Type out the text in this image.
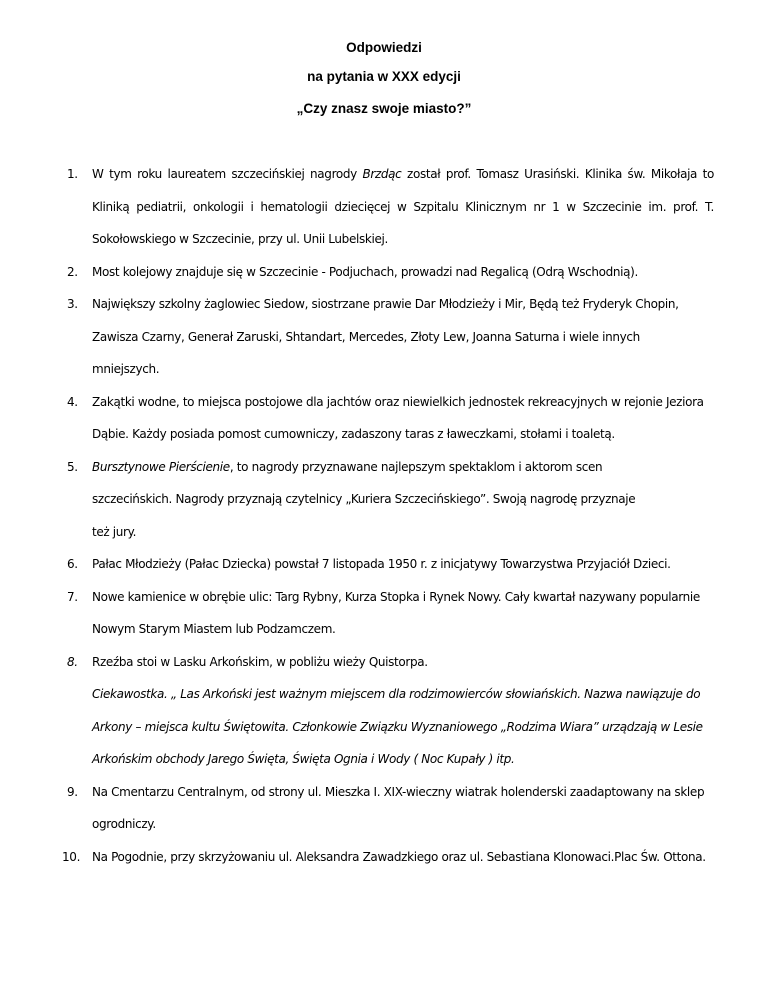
Odpowiedzi
na pytania w XXX edycji
„Czy znasz swoje miasto?”
1. W tym roku laureatem szczecińskiej nagrody Brzdąc został prof. Tomasz Urasiński. Klinika św. Mikołaja to Kliniką pediatrii, onkologii i hematologii dziecięcej w Szpitalu Klinicznym nr 1 w Szczecinie im. prof. T. Sokołowskiego w Szczecinie, przy ul. Unii Lubelskiej.
2. Most kolejowy znajduje się w Szczecinie - Podjuchach, prowadzi nad Regalicą (Odrą Wschodnią).
3. Największy szkolny żaglowiec Siedow, siostrzane prawie Dar Młodzieży i Mir, Będą też Fryderyk Chopin, Zawisza Czarny, Generał Zaruski, Shtandart, Mercedes, Złoty Lew, Joanna Saturna i wiele innych mniejszych.
4. Zakątki wodne, to miejsca postojowe dla jachtów oraz niewielkich jednostek rekreacyjnych w rejonie Jeziora Dąbie. Każdy posiada pomost cumowniczy, zadaszony taras z ławeczkami, stołami i toaletą.
5. Bursztynowe Pierścienie, to nagrody przyznawane najlepszym spektaklom i aktorom scen szczecińskich. Nagrody przyznają czytelnicy „Kuriera Szczecińskiego”. Swoją nagrodę przyznaje też jury.
6. Pałac Młodzieży (Pałac Dziecka) powstał 7 listopada 1950 r. z inicjatywy Towarzystwa Przyjaciół Dzieci.
7. Nowe kamienice w obrębie ulic: Targ Rybny, Kurza Stopka i Rynek Nowy. Cały kwartał nazywany popularnie Nowym Starym Miastem lub Podzamczem.
8. Rzeźba stoi w Lasku Arkońskim, w pobliżu wieży Quistorpa.
Ciekawostka. „ Las Arkoński jest ważnym miejscem dla rodzimowierców słowiańskich. Nazwa nawiązuje do Arkony – miejsca kultu Świętowita. Członkowie Związku Wyznaniowego „Rodzima Wiara” urządzają w Lesie Arkońskim obchody Jarego Święta, Święta Ognia i Wody ( Noc Kupały ) itp.
9. Na Cmentarzu Centralnym, od strony ul. Mieszka I. XIX-wieczny wiatrak holenderski zaadaptowany na sklep ogrodniczy.
10. Na Pogodnie, przy skrzyżowaniu ul. Aleksandra Zawadzkiego oraz ul. Sebastiana Klonowaci.Plac Św. Ottona.
